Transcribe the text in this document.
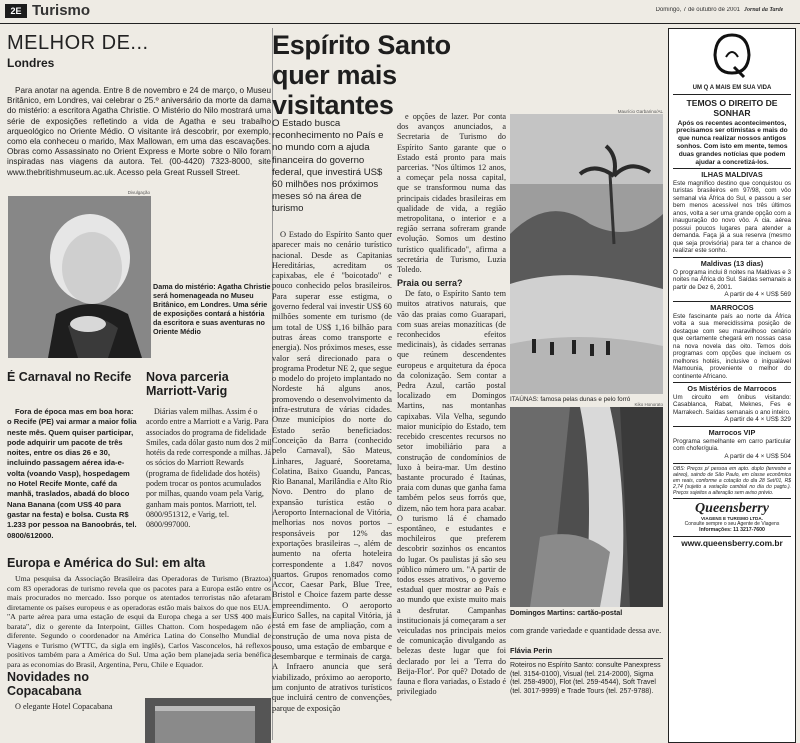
2E Turismo	Domingo, 7 de outubro de 2001 Jornal da Tarde
MELHOR DE...
Londres

Para anotar na agenda. Entre 8 de novembro e 24 de março, o Museu Britânico, em Londres, vai celebrar o 25.º aniversário da morte da dama do mistério: a escritora Agatha Christie. O Mistério do Nilo mostrará uma série de exposições refletindo a vida de Agatha e seu trabalho arqueológico no Oriente Médio. O visitante irá descobrir, por exemplo, como ela conheceu o marido, Max Mallowan, em uma das escavações. Obras como Assassinato no Orient Express e Morte sobre o Nilo foram inspiradas nas viagens da autora. Tel. (00-4420) 7323-8000, site www.thebritishmuseum.ac.uk. Acesso pela Great Russell Street.

Divulgação
Dama do mistério: Agatha Christie será homenageada no Museu Britânico, em Londres. Uma série de exposições contará a história da escritora e suas aventuras no Oriente Médio
É Carnaval no Recife

Fora de época mas em boa hora: o Recife (PE) vai armar a maior folia neste mês. Quem quiser participar, pode adquirir um pacote de três noites, entre os dias 26 e 30, incluindo passagem aérea ida-e-volta (voando Vasp), hospedagem no Hotel Recife Monte, café da manhã, traslados, abadá do bloco Nana Banana (com US$ 40 para gastar na festa) e bolsa. Custa R$ 1.233 por pessoa na Banoobrás, tel. 0800/612000.

Nova parceria Marriott-Varig

Diárias valem milhas. Assim é o acordo entre a Marriott e a Varig. Para associados do programa de fidelidade Smiles, cada dólar gasto num dos 2 mil hotéis da rede corresponde a milhas. Já os sócios do Marriott Rewards (programa de fidelidade dos hotéis) podem trocar os pontos acumulados por milhas, quando voam pela Varig, ganham mais pontos. Marriott, tel. 0800/951312, e Varig, tel. 0800/997000.

Europa e América do Sul: em alta

Uma pesquisa da Associação Brasileira das Operadoras de Turismo (Braztoa) com 83 operadoras de turismo revela que os pacotes para a Europa estão entre os mais procurados no mercado. Isso porque os atentados terroristas não afetaram diretamente os países europeus e as operadoras estão mais baixos do que nos EUA. "A parte aérea para uma estação de esqui da Europa chega a ser US$ 400 mais barata", diz o gerente da Interpoint, Gilles Chatton. Com hospedagem não é diferente. Segundo o coordenador na América Latina do Conselho Mundial de Viagens e Turismo (WTTC, da sigla em inglês), Carlos Vasconcelos, há reflexos positivos também para a América do Sul. Uma ação bem planejada seria benéfica para as economias do Brasil, Argentina, Peru, Chile e Equador.

Novidades no Copacabana

O elegante Hotel Copacabana

Espírito Santo quer mais visitantes
O Estado busca reconhecimento no País e no mundo com a ajuda financeira do governo federal, que investirá US$ 60 milhões nos próximos meses só na área de turismo

O Estado do Espírito Santo quer aparecer mais no cenário turístico nacional. Desde as Capitanias Hereditárias, acreditam os capixabas, ele é "boicotado" e pouco conhecido pelos brasileiros. Para superar esse estigma, o governo federal vai investir US$ 60 milhões somente em turismo (de um total de US$ 1,16 bilhão para outras áreas como transporte e energia). Nos próximos meses, esse valor será direcionado para o programa Prodetur NE 2, que segue o modelo do projeto implantado no Nordeste há alguns anos, promovendo o desenvolvimento da infra-estrutura de várias cidades. Onze municípios do norte do Estado serão beneficiados: Conceição da Barra (conhecido pelo Carnaval), São Mateus, Linhares, Jaguaré, Sooretama, Colatina, Baixo Guandu, Pancas, Rio Bananal, Marilândia e Alto Rio Novo. Dentro do plano de expansão turística estão o Aeroporto Internacional de Vitória, melhorias nos novos portos – responsáveis por 12% das exportações brasileiras –, além de aumento na oferta hoteleira correspondente a 1.847 novos quartos. Grupos renomados como Accor, Caesar Park, Blue Tree, Bristol e Choice fazem parte desse empreendimento. O aeroporto Eurico Salles, na capital Vitória, já está em fase de ampliação, com a construção de uma nova pista de pouso, uma estação de embarque e desembarque e terminais de carga. A Infraero anuncia que será viabilizado, próximo ao aeroporto, um conjunto de atrativos turísticos que incluirá centro de convenções, parque de exposição

e opções de lazer. Por conta dos avanços anunciados, a Secretaria de Turismo do Espírito Santo garante que o Estado está pronto para mais parcerias. "Nos últimos 12 anos, a começar pela nossa capital, que se transformou numa das principais cidades brasileiras em qualidade de vida, a região metropolitana, o interior e a região serrana sofreram grande evolução. Somos um destino turístico qualificado", afirma a secretária de Turismo, Luzia Toledo.

Praia ou serra?

De fato, o Espírito Santo tem muitos atrativos naturais, que vão das praias como Guarapari, com suas areias monazíticas (de reconhecidos efeitos medicinais), às cidades serranas que reúnem descendentes europeus e arquitetura da época da colonização. Sem contar a Pedra Azul, cartão postal localizado em Domingos Martins, nas montanhas capixabas. Vila Velha, segundo maior município do Estado, tem recebido crescentes recursos no setor imobiliário para a construção de condomínios de luxo à beira-mar. Um destino bastante procurado é Itaúnas, praia com dunas que ganha fama também pelos seus forrós que, dizem, não tem hora para acabar. O turismo lá é chamado espontâneo, e estudantes e mochileiros que preferem descobrir sozinhos os encantos do lugar. Os paulistas já são seu público número um. "A partir de todos esses atrativos, o governo estadual quer mostrar ao País e ao mundo que existe muito mais a desfrutar. Campanhas institucionais já começaram a ser veiculadas nos principais meios de comunicação divulgando as belezas deste lugar que foi declarado por lei a 'Terra do Beija-Flor'. Por quê? Dotado de fauna e flora variadas, o Estado é privilegiado

Maurício Garbarino/AL
ITAÚNAS: famosa pelas dunas e pelo forró
Kiko Honorato
Domingos Martins: cartão-postal

com grande variedade e quantidade dessa ave.

Flávia Perin

Roteiros no Espírito Santo: consulte Panexpress (tel. 3154-0100), Visual (tel. 214-2000), Sigma (tel. 258-4900), Flot (tel. 259-4544), Soft Travel (tel. 3017-9999) e Trade Tours (tel. 257-9788).

UM Q A MAIS EM SUA VIDA
TEMOS O DIREITO DE SONHAR
Após os recentes acontecimentos, precisamos ser otimistas e mais do que nunca realizar nossos antigos sonhos. Com isto em mente, temos duas grandes notícias que podem ajudar a concretizá-los.
ILHAS MALDIVAS
Este magnífico destino que conquistou os turistas brasileiros em 97/98, com vôo semanal via África do Sul, e passou a ser bem menos acessível nos três últimos anos, volta a ser uma grande opção com a inauguração do novo vôo. A cia. aérea possui poucos lugares para atender a demanda. Faça já a sua reserva (mesmo que seja provisória) para ter a chance de realizar este sonho.
Maldivas (13 dias)
O programa inclui 8 noites na Maldivas e 3 noites na África do Sul. Saídas semanais a partir de Dez 6, 2001.
A partir de 4 × US$ 569
MARROCOS
Este fascinante país ao norte da África volta a sua merecidíssima posição de destaque com seu maravilhoso cenário que certamente chegará em nossas casa na nova novela das oito. Temos dois programas com opções que incluem os melhores hotéis, inclusive o inigualável Mamounia, proveniente o melhor do continente Africano.
Os Mistérios de Marrocos
Um circuito em ônibus visitando: Casablanca, Rabat, Meknes, Fes e Marrakech. Saídas semanais o ano inteiro.
A partir de 4 × US$ 329
Marrocos VIP
Programa semelhante em carro particular com chofer/guia.
A partir de 4 × US$ 504
OBS: Preços p/ pessoa em apto. duplo (terrestre e aéreo), saindo de São Paulo, em classe econômica em reais, conforme a cotação do dia 28 Set/01, R$ 2,74 (sujeito a variação cambial no dia do pagto.). Preços sujeitos a alteração sem aviso prévio.
Queensberry
VIAGENS E TURISMO LTDA.
Consulte sempre o seu Agente de Viagens
Informações: 11 3217-7600
www.queensberry.com.br
